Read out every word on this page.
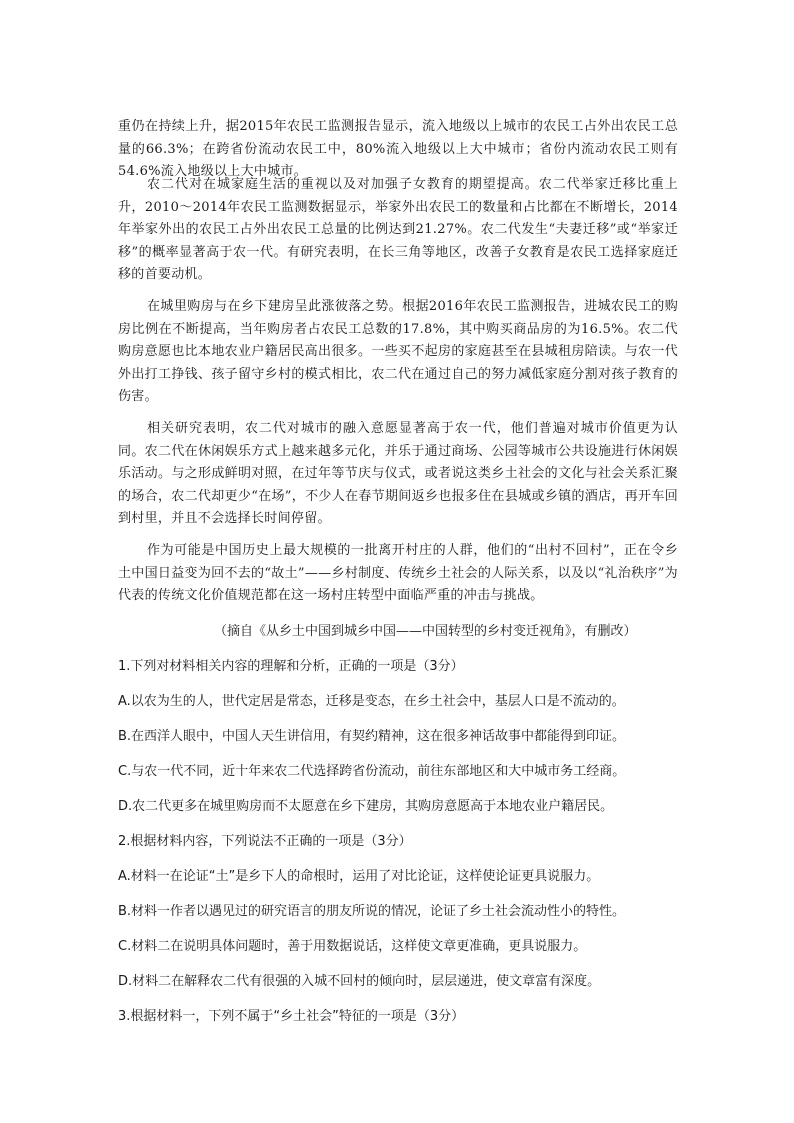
重仍在持续上升，据2015年农民工监测报告显示，流入地级以上城市的农民工占外出农民工总量的66.3%；在跨省份流动农民工中，80%流入地级以上大中城市；省份内流动农民工则有54.6%流入地级以上大中城市。

农二代对在城家庭生活的重视以及对加强子女教育的期望提高。农二代举家迁移比重上升，2010～2014年农民工监测数据显示，举家外出农民工的数量和占比都在不断增长，2014年举家外出的农民工占外出农民工总量的比例达到21.27%。农二代发生“夫妻迁移”或“举家迁移”的概率显著高于农一代。有研究表明，在长三角等地区，改善子女教育是农民工选择家庭迁移的首要动机。

在城里购房与在乡下建房呈此涨彼落之势。根据2016年农民工监测报告，进城农民工的购房比例在不断提高，当年购房者占农民工总数的17.8%，其中购买商品房的为16.5%。农二代购房意愿也比本地农业户籍居民高出很多。一些买不起房的家庭甚至在县城租房陪读。与农一代外出打工挣钱、孩子留守乡村的模式相比，农二代在通过自己的努力减低家庭分割对孩子教育的伤害。

相关研究表明，农二代对城市的融入意愿显著高于农一代，他们普遍对城市价值更为认同。农二代在休闲娱乐方式上越来越多元化，并乐于通过商场、公园等城市公共设施进行休闲娱乐活动。与之形成鲜明对照，在过年等节庆与仪式，或者说这类乡土社会的文化与社会关系汇聚的场合，农二代却更少“在场”，不少人在春节期间返乡也报多住在县城或乡镇的酒店，再开车回到村里，并且不会选择长时间停留。

作为可能是中国历史上最大规模的一批离开村庄的人群，他们的“出村不回村”，正在令乡土中国日益变为回不去的“故土”——乡村制度、传统乡土社会的人际关系，以及以“礼治秩序”为代表的传统文化价值规范都在这一场村庄转型中面临严重的冲击与挑战。

（摘自《从乡土中国到城乡中国——中国转型的乡村变迁视角》，有删改）
1.下列对材料相关内容的理解和分析，正确的一项是（3分）
A.以农为生的人，世代定居是常态，迁移是变态，在乡土社会中，基层人口是不流动的。
B.在西洋人眼中，中国人天生讲信用，有契约精神，这在很多神话故事中都能得到印证。
C.与农一代不同，近十年来农二代选择跨省份流动，前往东部地区和大中城市务工经商。
D.农二代更多在城里购房而不太愿意在乡下建房，其购房意愿高于本地农业户籍居民。
2.根据材料内容，下列说法不正确的一项是（3分）
A.材料一在论证“土”是乡下人的命根时，运用了对比论证，这样使论证更具说服力。
B.材料一作者以遇见过的研究语言的朋友所说的情况，论证了乡土社会流动性小的特性。
C.材料二在说明具体问题时，善于用数据说话，这样使文章更准确，更具说服力。
D.材料二在解释农二代有很强的入城不回村的倾向时，层层递进，使文章富有深度。
3.根据材料一，下列不属于“乡土社会”特征的一项是（3分）
